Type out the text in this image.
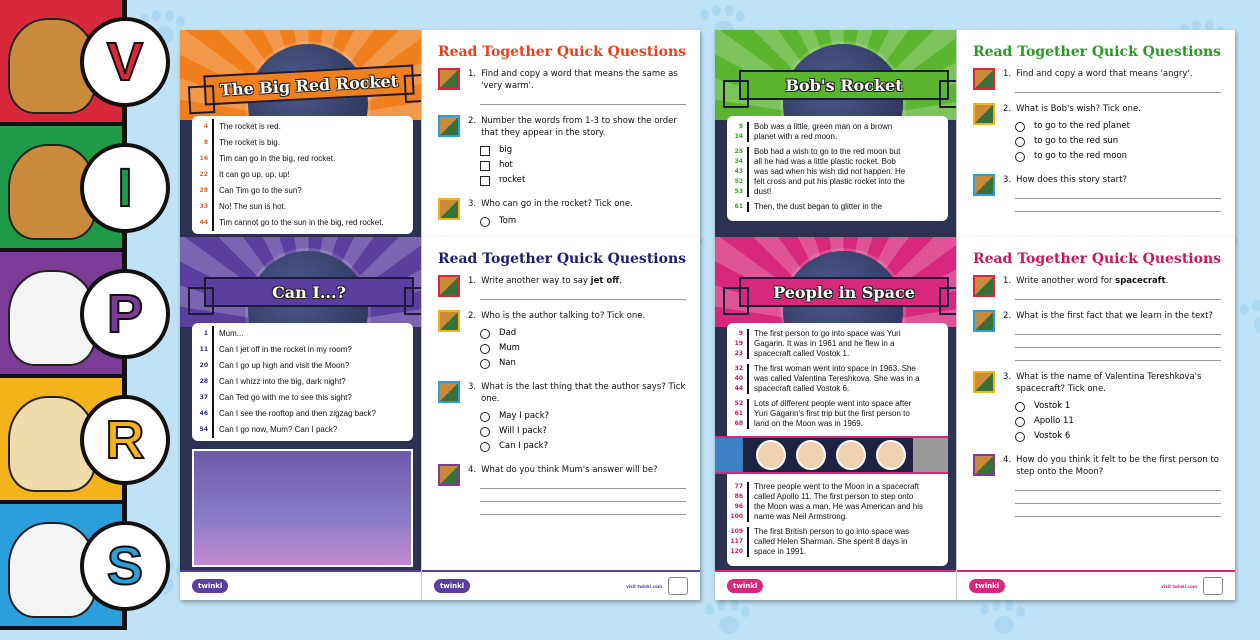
The Big Red Rocket
4 The rocket is red.
8 The rocket is big.
16 Tim can go in the big, red rocket.
22 It can go up, up, up!
28 Can Tim go to the sun?
33 No! The sun is hot.
44 Tim cannot go to the sun in the big, red rocket.
Read Together Quick Questions
1. Find and copy a word that means the same as 'very warm'.
2. Number the words from 1-3 to show the order that they appear in the story.
big
hot
rocket
3. Who can go in the rocket? Tick one.
Tom
Bob's Rocket
9
14
Bob was a little, green man on a brown
planet with a red moon.
25
34
43
52
53
Bob had a wish to go to the red moon but
all he had was a little plastic rocket. Bob
was sad when his wish did not happen. He
felt cross and put his plastic rocket into the
dust!
61 Then, the dust began to glitter in the
Read Together Quick Questions
1. Find and copy a word that means 'angry'.
2. What is Bob's wish? Tick one.
to go to the red planet
to go to the red sun
to go to the red moon
3. How does this story start?
Can I...?
1 Mum...
11 Can I jet off in the rocket in my room?
20 Can I go up high and visit the Moon?
28 Can I whizz into the big, dark night?
37 Can Ted go with me to see this sight?
46 Can I see the rooftop and then zigzag back?
54 Can I go now, Mum? Can I pack?
twinkl
Read Together Quick Questions
1. Write another way to say jet off.
2. Who is the author talking to? Tick one.
Dad
Mum
Nan
3. What is the last thing that the author says? Tick one.
May I pack?
Will I pack?
Can I pack?
4. What do you think Mum's answer will be?
twinkl	visit twinkl.com
People in Space
9
19
23
The first person to go into space was Yuri
Gagarin. It was in 1961 and he flew in a
spacecraft called Vostok 1.
32
40
44
The first woman went into space in 1963. She
was called Valentina Tereshkova. She was in a
spacecraft called Vostok 6.
52
61
68
Lots of different people went into space after
Yuri Gagarin's first trip but the first person to
land on the Moon was in 1969.
77
86
96
100
Three people went to the Moon in a spacecraft
called Apollo 11. The first person to step onto
the Moon was a man. He was American and his
name was Neil Armstrong.
109
117
120
The first British person to go into space was
called Helen Sharman. She spent 8 days in
space in 1991.
twinkl
Read Together Quick Questions
1. Write another word for spacecraft.
2. What is the first fact that we learn in the text?
3. What is the name of Valentina Tereshkova's spacecraft? Tick one.
Vostok 1
Apollo 11
Vostok 6
4. How do you think it felt to be the first person to step onto the Moon?
twinkl	visit twinkl.com
V
I
P
R
S
